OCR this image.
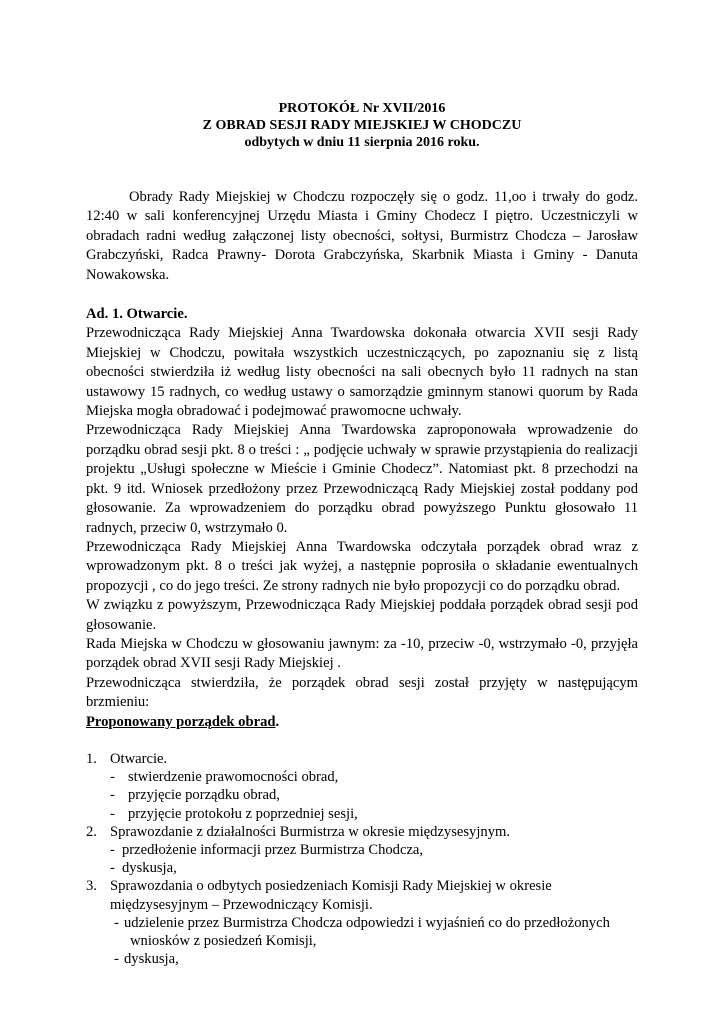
PROTOKÓŁ Nr XVII/2016

Z OBRAD SESJI RADY MIEJSKIEJ W CHODCZU

odbytych w dniu 11 sierpnia 2016 roku.

Obrady Rady Miejskiej w Chodczu rozpoczęły się o godz. 11,oo i trwały do godz. 12:40 w sali konferencyjnej Urzędu Miasta i Gminy Chodecz I piętro. Uczestniczyli w obradach radni według załączonej listy obecności, sołtysi, Burmistrz Chodcza – Jarosław Grabczyński, Radca Prawny- Dorota Grabczyńska, Skarbnik Miasta i Gminy - Danuta Nowakowska.

Ad. 1. Otwarcie.

Przewodnicząca Rady Miejskiej Anna Twardowska dokonała otwarcia XVII sesji Rady Miejskiej w Chodczu, powitała wszystkich uczestniczących, po zapoznaniu się z listą obecności stwierdziła iż według listy obecności na sali obecnych było 11 radnych na stan ustawowy 15 radnych, co według ustawy o samorządzie gminnym stanowi quorum by Rada Miejska mogła obradować i podejmować prawomocne uchwały.

Przewodnicząca Rady Miejskiej Anna Twardowska zaproponowała wprowadzenie do porządku obrad sesji pkt. 8 o treści : „ podjęcie uchwały w sprawie przystąpienia do realizacji projektu „Usługi społeczne w Mieście i Gminie Chodecz”. Natomiast pkt. 8 przechodzi na pkt. 9 itd. Wniosek przedłożony przez Przewodniczącą Rady Miejskiej został poddany pod głosowanie. Za wprowadzeniem do porządku obrad powyższego Punktu głosowało 11 radnych, przeciw 0, wstrzymało 0.

Przewodnicząca Rady Miejskiej Anna Twardowska odczytała porządek obrad wraz z wprowadzonym pkt. 8 o treści jak wyżej, a następnie poprosiła o składanie ewentualnych propozycji , co do jego treści. Ze strony radnych nie było propozycji co do porządku obrad.

W związku z powyższym, Przewodnicząca Rady Miejskiej poddała porządek obrad sesji pod głosowanie.

Rada Miejska w Chodczu w głosowaniu jawnym: za -10, przeciw -0, wstrzymało -0, przyjęła porządek obrad XVII sesji Rady Miejskiej .

Przewodnicząca stwierdziła, że porządek obrad sesji został przyjęty w następującym brzmieniu:

Proponowany porządek obrad.

1. Otwarcie.
- stwierdzenie prawomocności obrad,
- przyjęcie porządku obrad,
- przyjęcie protokołu z poprzedniej sesji,
2. Sprawozdanie z działalności Burmistrza w okresie międzysesyjnym.
- przedłożenie informacji przez Burmistrza Chodcza,
- dyskusja,
3. Sprawozdania o odbytych posiedzeniach Komisji Rady Miejskiej w okresie
międzysesyjnym – Przewodniczący Komisji.
- udzielenie przez Burmistrza Chodcza odpowiedzi i wyjaśnień co do przedłożonych
wniosków z posiedzeń Komisji,
- dyskusja,
